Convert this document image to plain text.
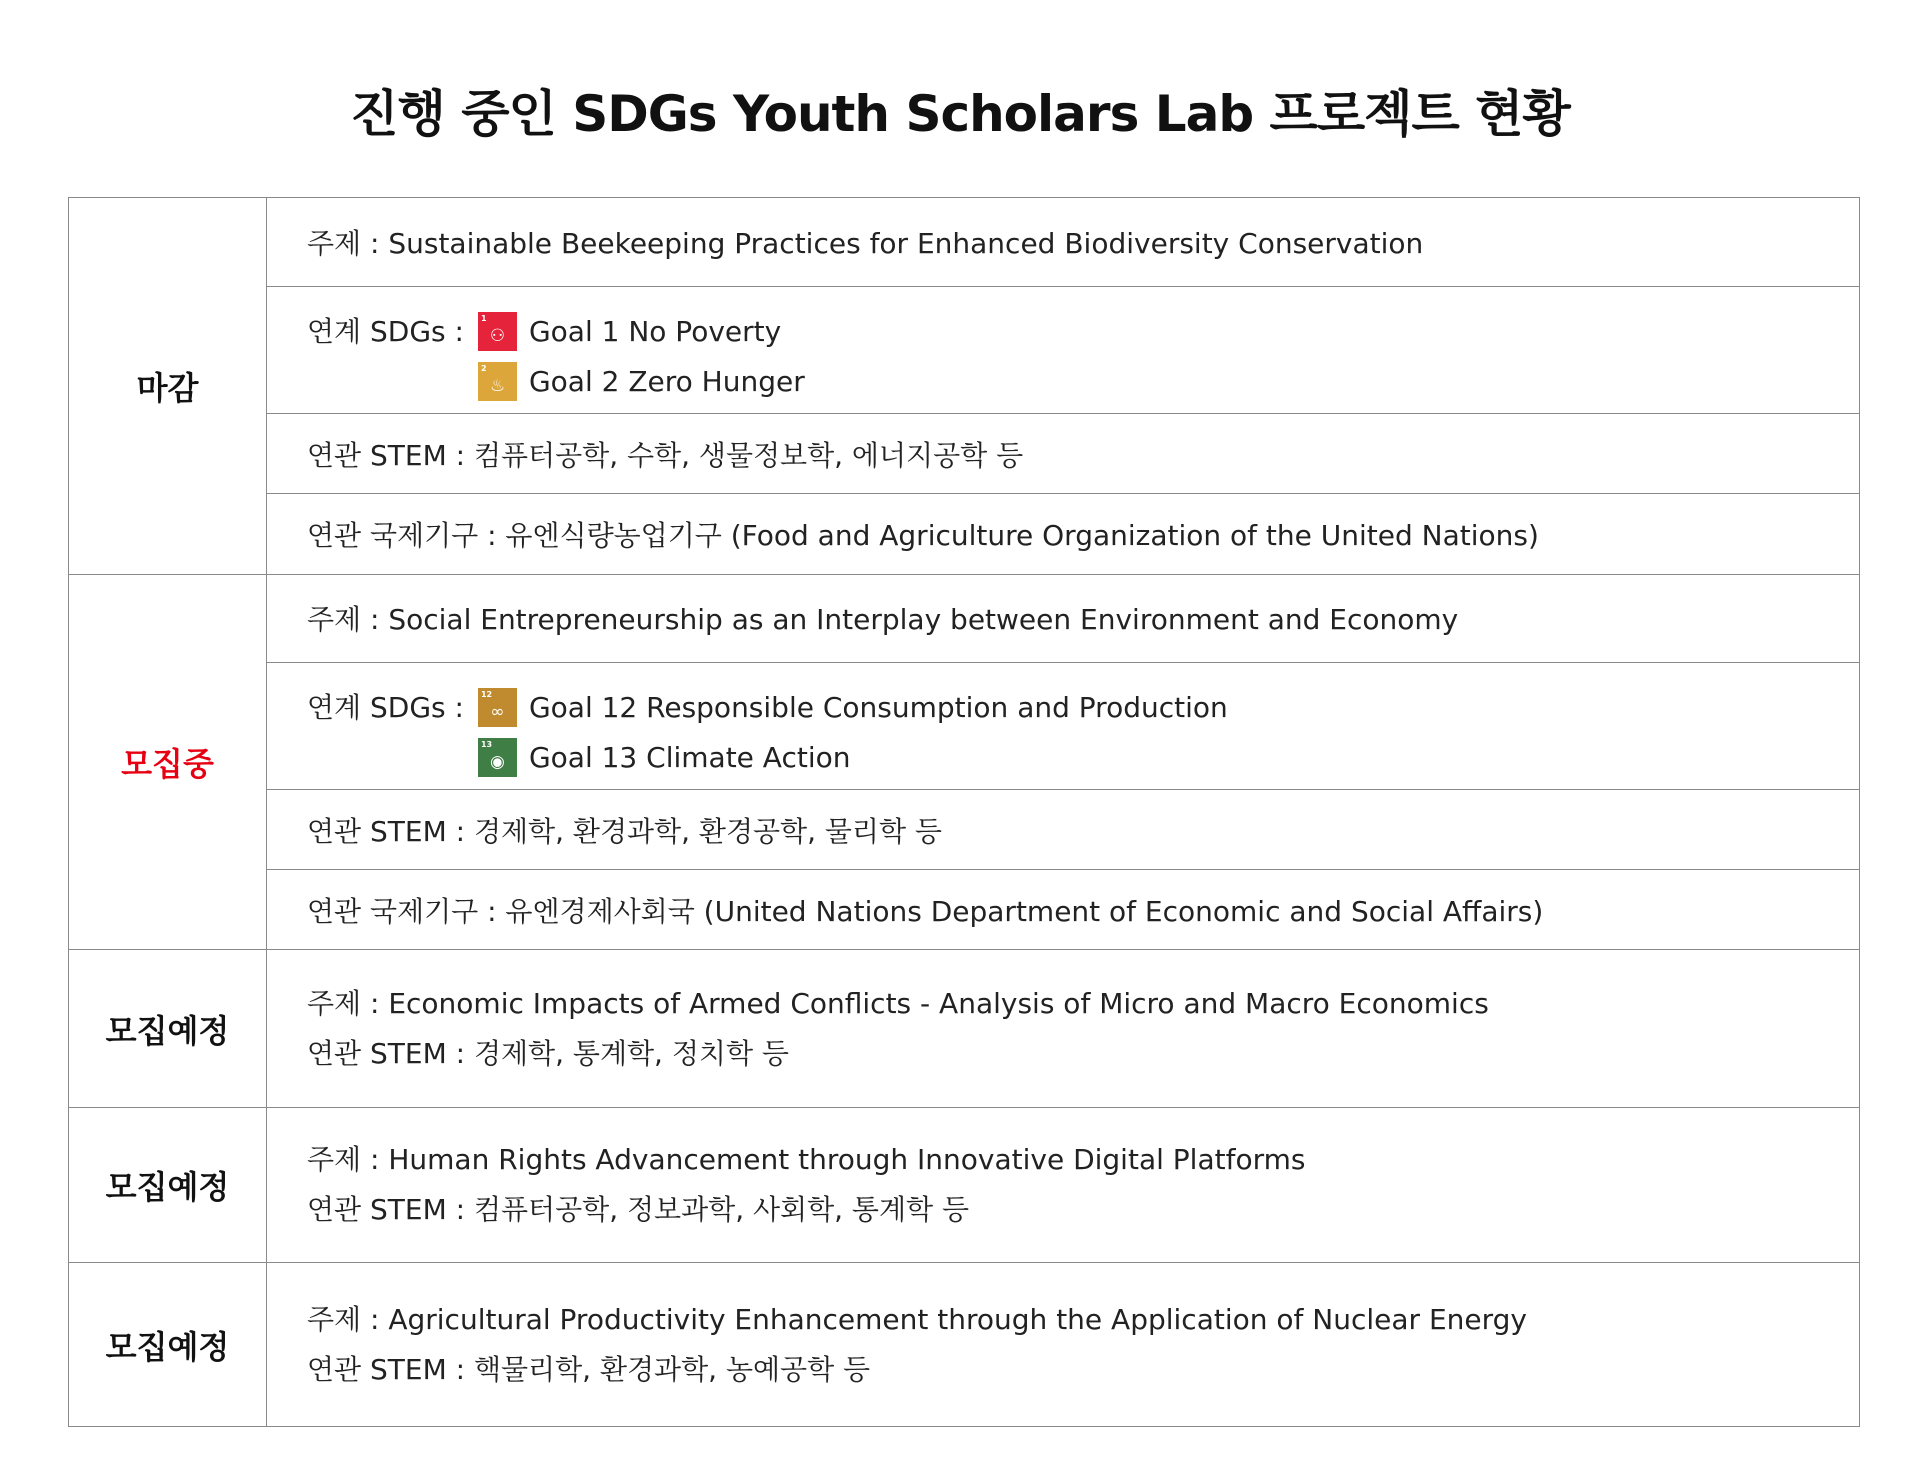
진행 중인 SDGs Youth Scholars Lab 프로젝트 현황
마감
주제 : Sustainable Beekeeping Practices for Enhanced Biodiversity Conservation
연계 SDGs : 1
⚇ Goal 1 No Poverty
2
♨ Goal 2 Zero Hunger
연관 STEM : 컴퓨터공학, 수학, 생물정보학, 에너지공학 등
연관 국제기구 : 유엔식량농업기구 (Food and Agriculture Organization of the United Nations)
모집중
주제 : Social Entrepreneurship as an Interplay between Environment and Economy
연계 SDGs : 12
∞ Goal 12 Responsible Consumption and Production
13
◉ Goal 13 Climate Action
연관 STEM : 경제학, 환경과학, 환경공학, 물리학 등
연관 국제기구 : 유엔경제사회국 (United Nations Department of Economic and Social Affairs)
모집예정
주제 : Economic Impacts of Armed Conflicts - Analysis of Micro and Macro Economics
연관 STEM : 경제학, 통계학, 정치학 등
모집예정
주제 : Human Rights Advancement through Innovative Digital Platforms
연관 STEM : 컴퓨터공학, 정보과학, 사회학, 통계학 등
모집예정
주제 : Agricultural Productivity Enhancement through the Application of Nuclear Energy
연관 STEM : 핵물리학, 환경과학, 농예공학 등
